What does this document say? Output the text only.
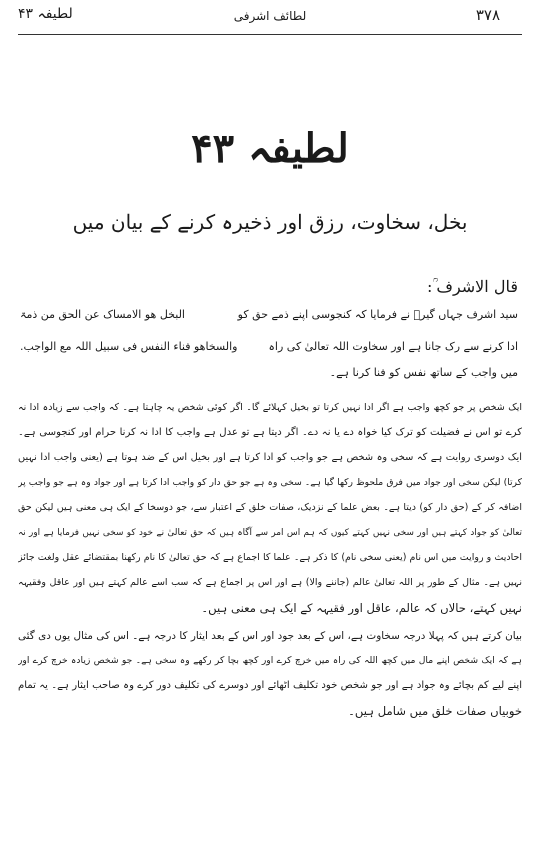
لطیفہ ۴۳	لطائف اشرفی	۳۷۸
لطیفہ ۴۳
بخل، سخاوت، رزق اور ذخیرہ کرنے کے بیان میں
قال الاشرف ؒ:
البخل ھو الامساک عن الحق من ذمۃ	سید اشرف جہاں گیرؒ نے فرمایا کہ کنجوسی اپنے ذمے حق کو
والسخاھو فناء النفس فی سبیل اللہ مع الواجب.	ادا کرنے سے رک جانا ہے اور سخاوت اللہ تعالیٰ کی راہ
میں واجب کے ساتھ نفس کو فنا کرنا ہے۔
ایک شخص پر جو کچھ واجب ہے اگر ادا نہیں کرتا تو بخیل کہلائے گا۔ اگر کوئی شخص یہ چاہتا ہے۔ کہ واجب سے زیادہ ادا نہ
کرے تو اس نے فضیلت کو ترک کیا خواہ دے یا نہ دے۔ اگر دیتا ہے تو عدل ہے واجب کا ادا نہ کرنا حرام اور کنجوسی ہے۔
ایک دوسری روایت ہے کہ سخی وہ شخص ہے جو واجب کو ادا کرتا ہے اور بخیل اس کے ضد ہوتا ہے (یعنی واجب ادا نہیں
کرتا) لیکن سخی اور جواد میں فرق ملحوظ رکھا گیا ہے۔ سخی وہ ہے جو حق دار کو واجب ادا کرتا ہے اور جواد وہ ہے جو واجب پر
اضافہ کر کے (حق دار کو) دیتا ہے۔ بعض علما کے نزدیک، صفات خلق کے اعتبار سے، جو دوسخا کے ایک ہی معنی ہیں لیکن حق
تعالیٰ کو جواد کہتے ہیں اور سخی نہیں کہتے کیوں کہ ہم اس امر سے آگاہ ہیں کہ حق تعالیٰ نے خود کو سخی نہیں فرمایا ہے اور نہ
احادیث و روایت میں اس نام (یعنی سخی نام) کا ذکر ہے۔ علما کا اجماع ہے کہ حق تعالیٰ کا نام رکھنا بمقتضائے عقل ولغت جائز
نہیں ہے۔ مثال کے طور پر اللہ تعالیٰ عالم (جاننے والا) ہے اور اس پر اجماع ہے کہ سب اسے عالم کہتے ہیں اور عاقل وفقیہہ
نہیں کہتے، حالاں کہ عالم، عاقل اور فقیہہ کے ایک ہی معنی ہیں۔
بیان کرتے ہیں کہ پہلا درجہ سخاوت ہے، اس کے بعد جود اور اس کے بعد ایثار کا درجہ ہے۔ اس کی مثال یوں دی گئی
ہے کہ ایک شخص اپنے مال میں کچھ اللہ کی راہ میں خرچ کرے اور کچھ بچا کر رکھے وہ سخی ہے۔ جو شخص زیادہ خرچ کرے اور
اپنے لیے کم بچائے وہ جواد ہے اور جو شخص خود تکلیف اٹھائے اور دوسرے کی تکلیف دور کرے وہ صاحب ایثار ہے۔ یہ تمام
خوبیاں صفات خلق میں شامل ہیں۔
